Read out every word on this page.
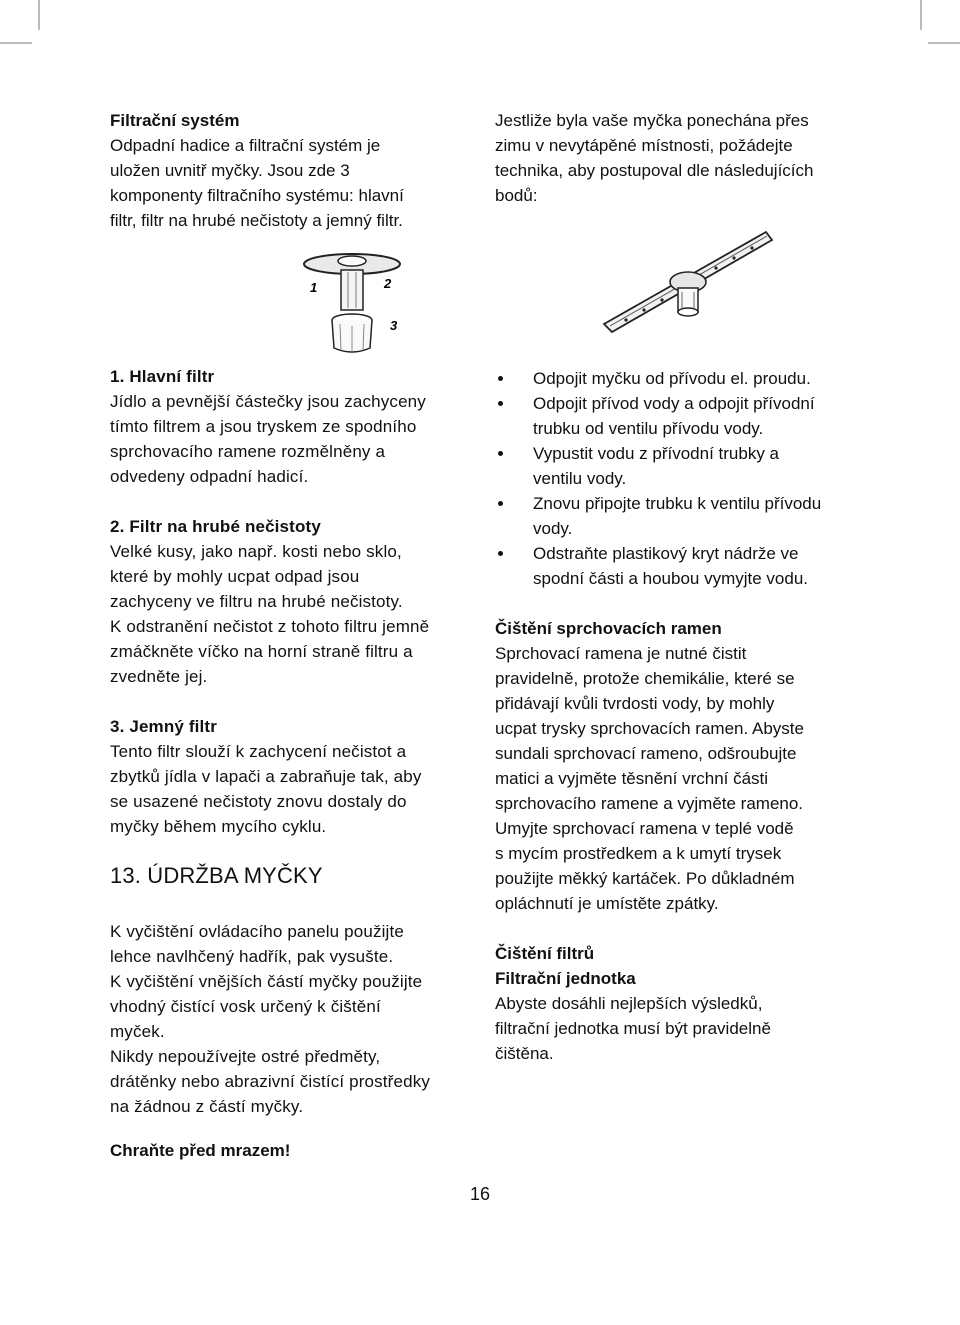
Filtrační systém

Odpadní hadice a filtrační systém je
uložen uvnitř myčky. Jsou zde 3
komponenty filtračního systému: hlavní
filtr, filtr na hrubé nečistoty a jemný filtr.

Jestliže byla vaše myčka ponechána přes
zimu v nevytápěné místnosti, požádejte
technika, aby postupoval dle následujících
bodů:

1	2
3

1. Hlavní filtr

Jídlo a pevnější částečky jsou zachyceny
tímto filtrem a jsou tryskem ze spodního
sprchovacího ramene rozmělněny a
odvedeny odpadní hadicí.

2. Filtr na hrubé nečistoty

Velké kusy, jako např. kosti nebo sklo,
které by mohly ucpat odpad jsou
zachyceny ve filtru na hrubé nečistoty.
K odstranění nečistot z tohoto filtru jemně
zmáčkněte víčko na horní straně filtru a
zvedněte jej.

3. Jemný filtr

Tento filtr slouží k zachycení nečistot a
zbytků jídla v lapači a zabraňuje tak, aby
se usazené nečistoty znovu dostaly do
myčky během mycího cyklu.

13. ÚDRŽBA MYČKY

K vyčištění ovládacího panelu použijte
lehce navlhčený hadřík, pak vysušte.
K vyčištění vnějších částí myčky použijte
vhodný čistící vosk určený k čištění
myček.
Nikdy nepoužívejte ostré předměty,
drátěnky nebo abrazivní čistící prostředky
na žádnou z částí myčky.

Chraňte před mrazem!

Odpojit myčku od přívodu el. proudu.
Odpojit přívod vody a odpojit přívodní
trubku od ventilu přívodu vody.
Vypustit vodu z přívodní trubky a
ventilu vody.
Znovu připojte trubku k ventilu přívodu
vody.
Odstraňte plastikový kryt nádrže ve
spodní části a houbou vymyjte vodu.

Čištění sprchovacích ramen

Sprchovací ramena je nutné čistit
pravidelně, protože chemikálie, které se
přidávají kvůli tvrdosti vody, by mohly
ucpat trysky sprchovacích ramen. Abyste
sundali sprchovací rameno, odšroubujte
matici a vyjměte těsnění vrchní části
sprchovacího ramene a vyjměte rameno.
Umyjte sprchovací ramena v teplé vodě
s mycím prostředkem a k umytí trysek
použijte měkký kartáček. Po důkladném
opláchnutí je umístěte zpátky.

Čištění filtrů

Filtrační jednotka

Abyste dosáhli nejlepších výsledků,
filtrační jednotka musí být pravidelně
čištěna.

16
